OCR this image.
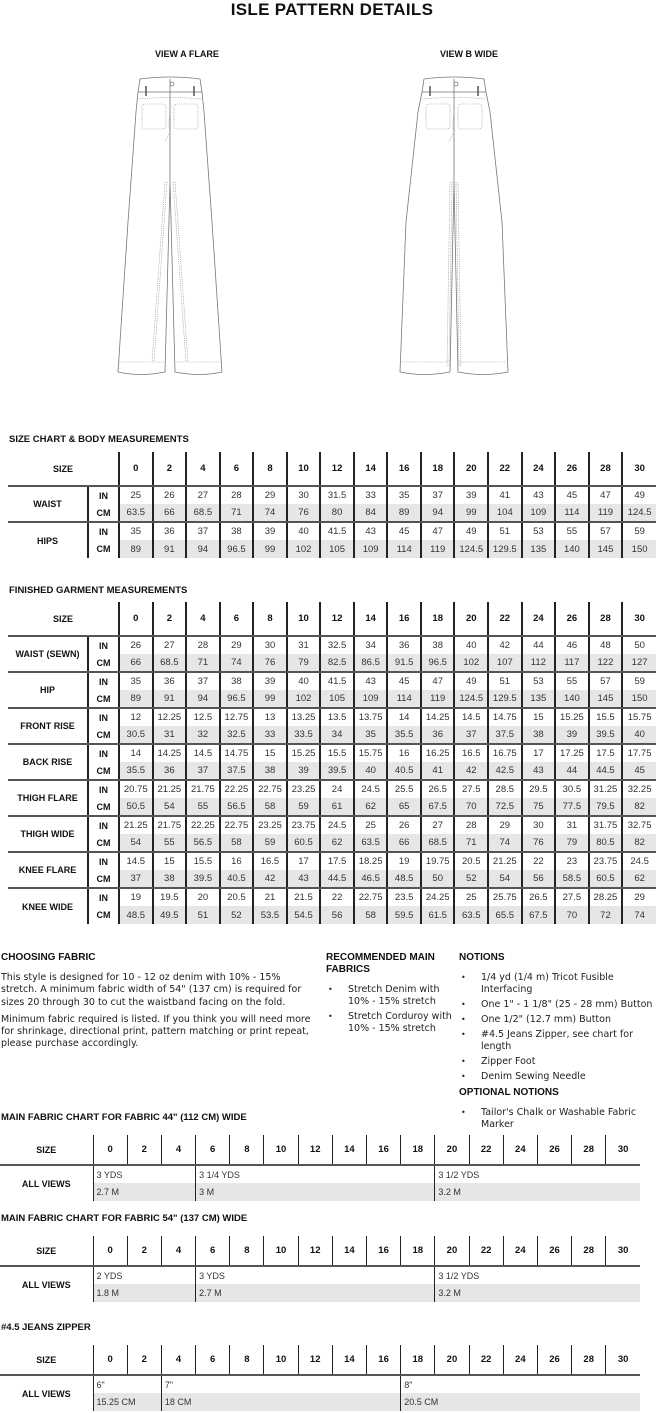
ISLE PATTERN DETAILS
VIEW A FLARE	VIEW B WIDE
SIZE CHART & BODY MEASUREMENTS
SIZE		0	2	4	6	8	10	12	14	16	18	20	22	24	26	28	30
WAIST	IN	25	26	27	28	29	30	31.5	33	35	37	39	41	43	45	47	49
	CM	63.5	66	68.5	71	74	76	80	84	89	94	99	104	109	114	119	124.5
HIPS	IN	35	36	37	38	39	40	41.5	43	45	47	49	51	53	55	57	59
	CM	89	91	94	96.5	99	102	105	109	114	119	124.5	129.5	135	140	145	150
FINISHED GARMENT MEASUREMENTS
SIZE		0	2	4	6	8	10	12	14	16	18	20	22	24	26	28	30
WAIST (SEWN)	IN	26	27	28	29	30	31	32.5	34	36	38	40	42	44	46	48	50
	CM	66	68.5	71	74	76	79	82.5	86.5	91.5	96.5	102	107	112	117	122	127
HIP	IN	35	36	37	38	39	40	41.5	43	45	47	49	51	53	55	57	59
	CM	89	91	94	96.5	99	102	105	109	114	119	124.5	129.5	135	140	145	150
FRONT RISE	IN	12	12.25	12.5	12.75	13	13.25	13.5	13.75	14	14.25	14.5	14.75	15	15.25	15.5	15.75
	CM	30.5	31	32	32.5	33	33.5	34	35	35.5	36	37	37.5	38	39	39.5	40
BACK RISE	IN	14	14.25	14.5	14.75	15	15.25	15.5	15.75	16	16.25	16.5	16.75	17	17.25	17.5	17.75
	CM	35.5	36	37	37.5	38	39	39.5	40	40.5	41	42	42.5	43	44	44.5	45
THIGH FLARE	IN	20.75	21.25	21.75	22.25	22.75	23.25	24	24.5	25.5	26.5	27.5	28.5	29.5	30.5	31.25	32.25
	CM	50.5	54	55	56.5	58	59	61	62	65	67.5	70	72.5	75	77.5	79.5	82
THIGH WIDE	IN	21.25	21.75	22.25	22.75	23.25	23.75	24.5	25	26	27	28	29	30	31	31.75	32.75
	CM	54	55	56.5	58	59	60.5	62	63.5	66	68.5	71	74	76	79	80.5	82
KNEE FLARE	IN	14.5	15	15.5	16	16.5	17	17.5	18.25	19	19.75	20.5	21.25	22	23	23.75	24.5
	CM	37	38	39.5	40.5	42	43	44.5	46.5	48.5	50	52	54	56	58.5	60.5	62
KNEE WIDE	IN	19	19.5	20	20.5	21	21.5	22	22.75	23.5	24.25	25	25.75	26.5	27.5	28.25	29
	CM	48.5	49.5	51	52	53.5	54.5	56	58	59.5	61.5	63.5	65.5	67.5	70	72	74
CHOOSING FABRIC

This style is designed for 10 - 12 oz denim with 10% - 15% stretch. A minimum fabric width of 54" (137 cm) is required for sizes 20 through 30 to cut the waistband facing on the fold.

Minimum fabric required is listed. If you think you will need more for shrinkage, directional print, pattern matching or print repeat, please purchase accordingly.

RECOMMENDED MAIN FABRICS
• Stretch Denim with 10% - 15% stretch
• Stretch Corduroy with 10% - 15% stretch
NOTIONS
• 1/4 yd (1/4 m) Tricot Fusible Interfacing
• One 1" - 1 1/8" (25 - 28 mm) Button
• One 1/2" (12.7 mm) Button
• #4.5 Jeans Zipper, see chart for length
• Zipper Foot
• Denim Sewing Needle
OPTIONAL NOTIONS
• Tailor's Chalk or Washable Fabric Marker
MAIN FABRIC CHART FOR FABRIC 44" (112 CM) WIDE
SIZE	0	2	4	6	8	10	12	14	16	18	20	22	24	26	28	30
ALL VIEWS	3 YDS			3 1/4 YDS							3 1/2 YDS					
	2.7 M			3 M							3.2 M					
MAIN FABRIC CHART FOR FABRIC 54" (137 CM) WIDE
SIZE	0	2	4	6	8	10	12	14	16	18	20	22	24	26	28	30
ALL VIEWS	2 YDS			3 YDS							3 1/2 YDS					
	1.8 M			2.7 M							3.2 M					
#4.5 JEANS ZIPPER
SIZE	0	2	4	6	8	10	12	14	16	18	20	22	24	26	28	30
ALL VIEWS	6"		7"							8"						
	15.25 CM		18 CM							20.5 CM						
